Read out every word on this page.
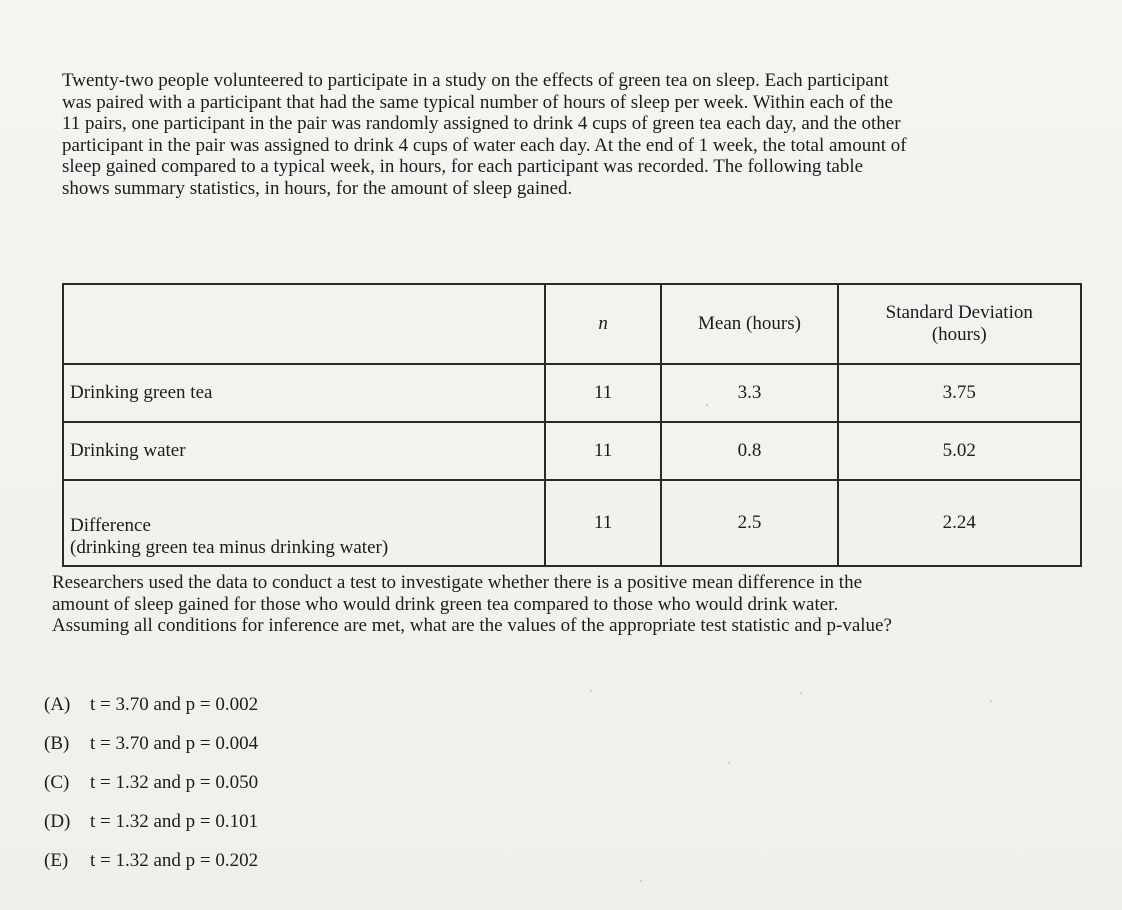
Twenty-two people volunteered to participate in a study on the effects of green tea on sleep. Each participant
was paired with a participant that had the same typical number of hours of sleep per week. Within each of the
11 pairs, one participant in the pair was randomly assigned to drink 4 cups of green tea each day, and the other
participant in the pair was assigned to drink 4 cups of water each day. At the end of 1 week, the total amount of
sleep gained compared to a typical week, in hours, for each participant was recorded. The following table
shows summary statistics, in hours, for the amount of sleep gained.
	n	Mean (hours)	Standard Deviation
(hours)

Drinking green tea	11	3.3	3.75
Drinking water	11	0.8	5.02

Difference
(drinking green tea minus drinking water)	11	2.5	2.24
Researchers used the data to conduct a test to investigate whether there is a positive mean difference in the
amount of sleep gained for those who would drink green tea compared to those who would drink water.
Assuming all conditions for inference are met, what are the values of the appropriate test statistic and p-value?
(A)	t = 3.70 and p = 0.002
(B)	t = 3.70 and p = 0.004
(C)	t = 1.32 and p = 0.050
(D)	t = 1.32 and p = 0.101
(E)	t = 1.32 and p = 0.202
